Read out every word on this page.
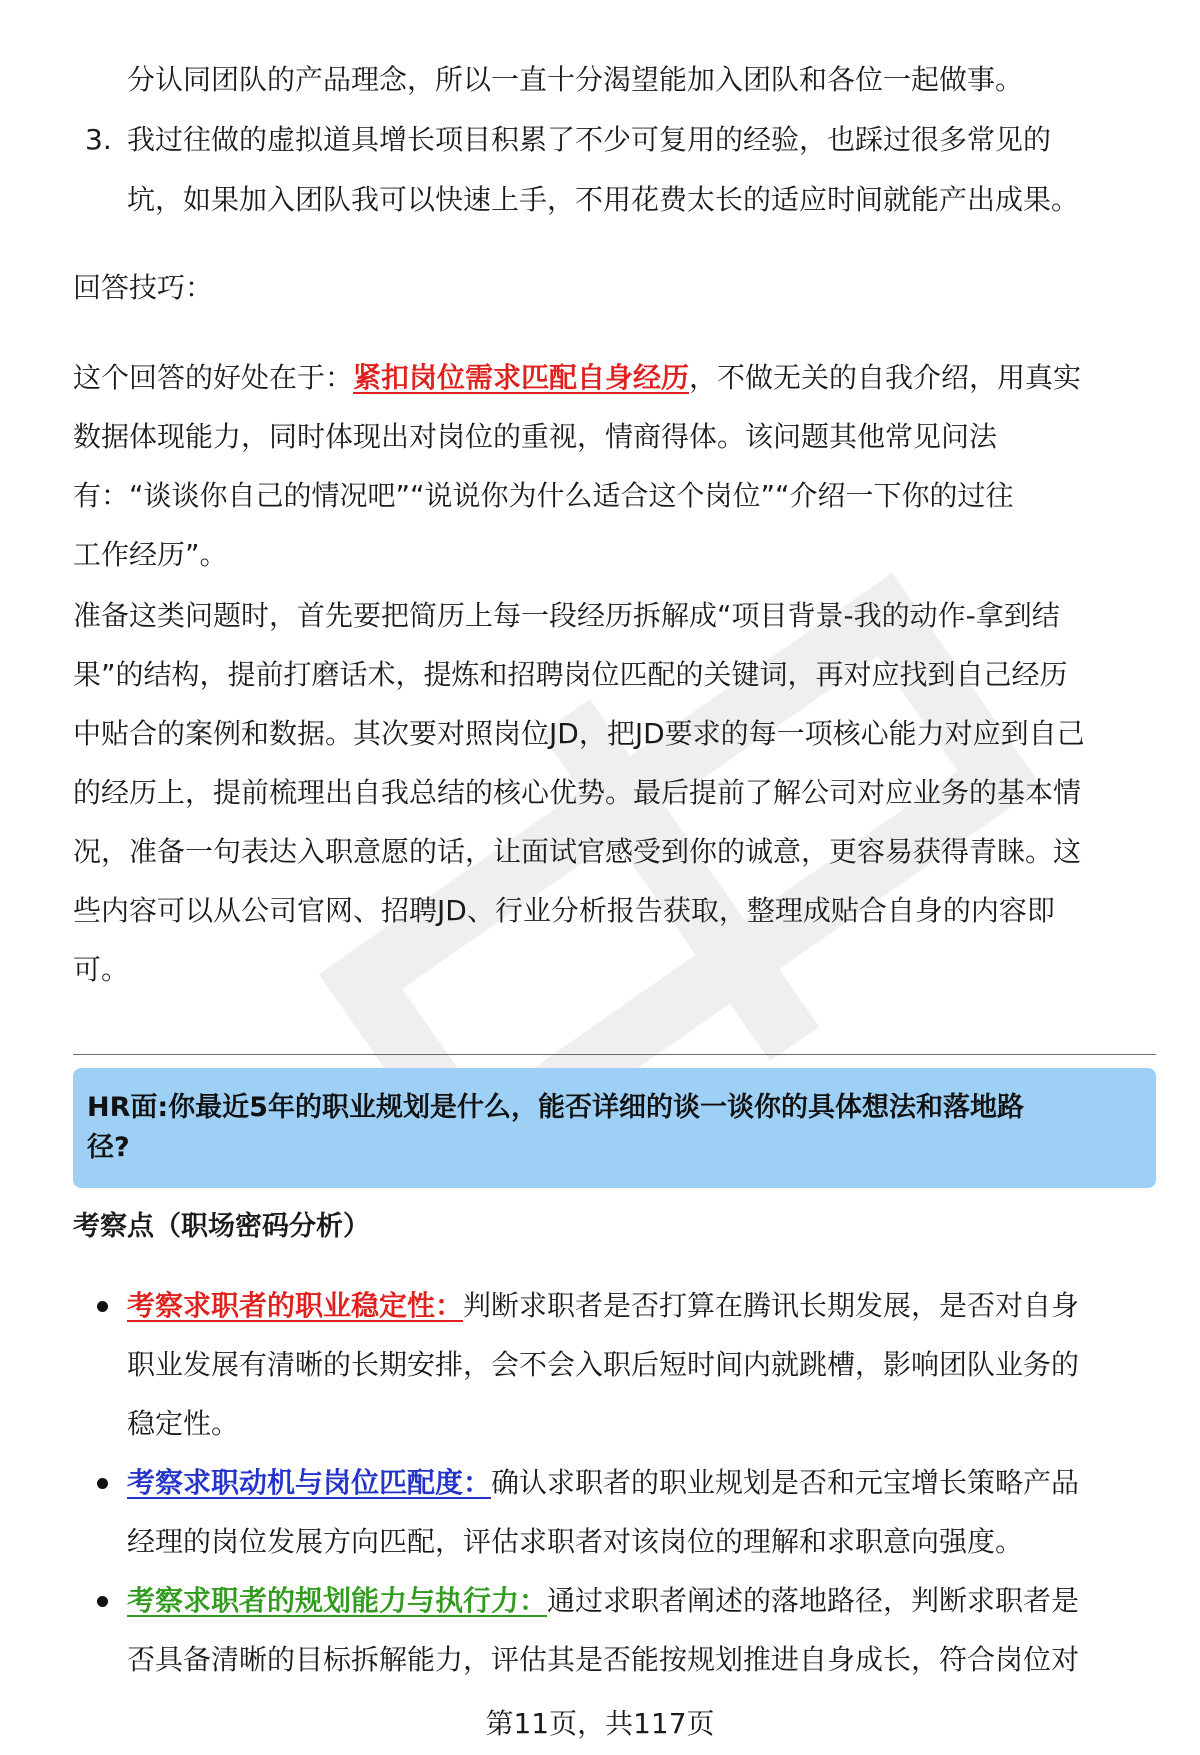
分认同团队的产品理念，所以一直十分渴望能加入团队和各位一起做事。
3. 我过往做的虚拟道具增长项目积累了不少可复用的经验，也踩过很多常见的
坑，如果加入团队我可以快速上手，不用花费太长的适应时间就能产出成果。
回答技巧：
这个回答的好处在于：紧扣岗位需求匹配自身经历，不做无关的自我介绍，用真实
数据体现能力，同时体现出对岗位的重视，情商得体。该问题其他常见问法
有：“谈谈你自己的情况吧”“说说你为什么适合这个岗位”“介绍一下你的过往
工作经历”。
准备这类问题时，首先要把简历上每一段经历拆解成“项目背景-我的动作-拿到结
果”的结构，提前打磨话术，提炼和招聘岗位匹配的关键词，再对应找到自己经历
中贴合的案例和数据。其次要对照岗位JD，把JD要求的每一项核心能力对应到自己
的经历上，提前梳理出自我总结的核心优势。最后提前了解公司对应业务的基本情
况，准备一句表达入职意愿的话，让面试官感受到你的诚意，更容易获得青睐。这
些内容可以从公司官网、招聘JD、行业分析报告获取，整理成贴合自身的内容即
可。
HR面:你最近5年的职业规划是什么，能否详细的谈一谈你的具体想法和落地路
径?
考察点（职场密码分析）
考察求职者的职业稳定性：判断求职者是否打算在腾讯长期发展，是否对自身
职业发展有清晰的长期安排，会不会入职后短时间内就跳槽，影响团队业务的
稳定性。
考察求职动机与岗位匹配度：确认求职者的职业规划是否和元宝增长策略产品
经理的岗位发展方向匹配，评估求职者对该岗位的理解和求职意向强度。
考察求职者的规划能力与执行力：通过求职者阐述的落地路径，判断求职者是
否具备清晰的目标拆解能力，评估其是否能按规划推进自身成长，符合岗位对
第11页，共117页
